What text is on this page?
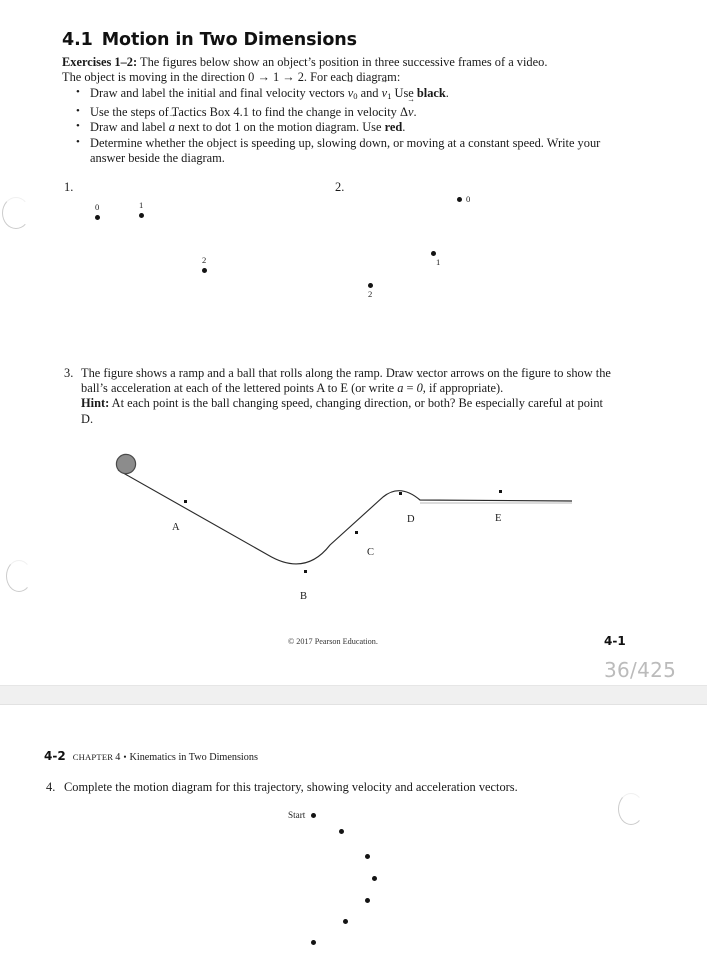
4.1 Motion in Two Dimensions
Exercises 1–2: The figures below show an object’s position in three successive frames of a video.
The object is moving in the direction 0 → 1 → 2. For each diagram:
• Draw and label the initial and final velocity vectors $v \to_0$ and $v \to_1$ Use black.
• Use the steps of Tactics Box 4.1 to find the change in velocity Δv →.
• Draw and label a → next to dot 1 on the motion diagram. Use red.
• Determine whether the object is speeding up, slowing down, or moving at a constant speed. Write your answer beside the diagram.
1.
0	1
2
2.
0
1
2
3. The figure shows a ramp and a ball that rolls along the ramp. Draw vector arrows on the figure to show the ball’s acceleration at each of the lettered points A to E (or write a → = 0 →, if appropriate).
Hint: At each point is the ball changing speed, changing direction, or both? Be especially careful at point D.
A
B
C
D	E
© 2017 Pearson Education.	4-1
36/425
4-2 CHAPTER 4 • Kinematics in Two Dimensions
4. Complete the motion diagram for this trajectory, showing velocity and acceleration vectors.
Start
